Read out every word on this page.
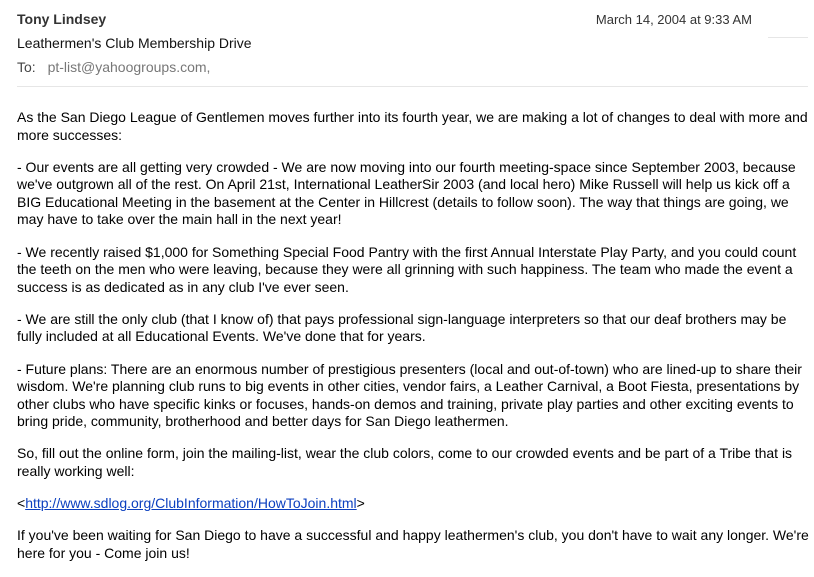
Tony Lindsey	March 14, 2004 at 9:33 AM
Leathermen's Club Membership Drive
To: pt-list@yahoogroups.com,

As the San Diego League of Gentlemen moves further into its fourth year, we are making a lot of changes to deal with more and more successes:

- Our events are all getting very crowded - We are now moving into our fourth meeting-space since September 2003, because we've outgrown all of the rest. On April 21st, International LeatherSir 2003 (and local hero) Mike Russell will help us kick off a BIG Educational Meeting in the basement at the Center in Hillcrest (details to follow soon). The way that things are going, we may have to take over the main hall in the next year!

- We recently raised $1,000 for Something Special Food Pantry with the first Annual Interstate Play Party, and you could count the teeth on the men who were leaving, because they were all grinning with such happiness. The team who made the event a success is as dedicated as in any club I've ever seen.

- We are still the only club (that I know of) that pays professional sign-language interpreters so that our deaf brothers may be fully included at all Educational Events. We've done that for years.

- Future plans: There are an enormous number of prestigious presenters (local and out-of-town) who are lined-up to share their wisdom. We're planning club runs to big events in other cities, vendor fairs, a Leather Carnival, a Boot Fiesta, presentations by other clubs who have specific kinks or focuses, hands-on demos and training, private play parties and other exciting events to bring pride, community, brotherhood and better days for San Diego leathermen.

So, fill out the online form, join the mailing-list, wear the club colors, come to our crowded events and be part of a Tribe that is really working well:

<http://www.sdlog.org/ClubInformation/HowToJoin.html>

If you've been waiting for San Diego to have a successful and happy leathermen's club, you don't have to wait any longer. We're here for you - Come join us!
